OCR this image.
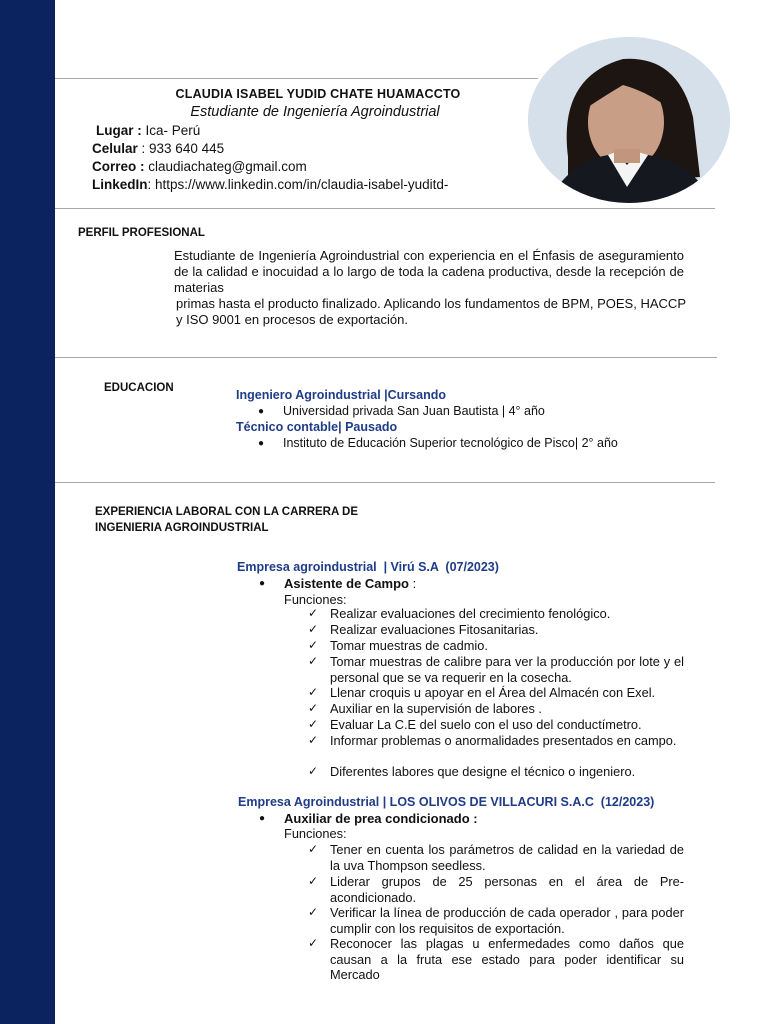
CLAUDIA ISABEL YUDID CHATE HUAMACCTO
Estudiante de Ingeniería Agroindustrial
Lugar : Ica- Perú
Celular : 933 640 445
Correo : claudiachateg@gmail.com
LinkedIn: https://www.linkedin.com/in/claudia-isabel-yuditd-
PERFIL PROFESIONAL
Estudiante de Ingeniería Agroindustrial con experiencia en el Énfasis de aseguramiento de la calidad e inocuidad a lo largo de toda la cadena productiva, desde la recepción de materias
primas hasta el producto finalizado. Aplicando los fundamentos de BPM, POES, HACCP y ISO 9001 en procesos de exportación.
EDUCACION	Ingeniero Agroindustrial |Cursando
● Universidad privada San Juan Bautista | 4° año
Técnico contable| Pausado
● Instituto de Educación Superior tecnológico de Pisco| 2° año
EXPERIENCIA LABORAL CON LA CARRERA DE
INGENIERIA AGROINDUSTRIAL
Empresa agroindustrial  | Virú S.A  (07/2023)
● Asistente de Campo :
Funciones:
✓ Realizar evaluaciones del crecimiento fenológico.
✓ Realizar evaluaciones Fitosanitarias.
✓ Tomar muestras de cadmio.
✓ Tomar muestras de calibre para ver la producción por lote y el personal que se va requerir en la cosecha.
✓ Llenar croquis u apoyar en el Área del Almacén con Exel.
✓ Auxiliar en la supervisión de labores .
✓ Evaluar La C.E del suelo con el uso del conductímetro.
✓ Informar problemas o anormalidades presentados en campo.
✓ Diferentes labores que designe el técnico o ingeniero.
Empresa Agroindustrial | LOS OLIVOS DE VILLACURI S.A.C  (12/2023)
● Auxiliar de prea condicionado :
Funciones:
✓ Tener en cuenta los parámetros de calidad en la variedad de la uva Thompson seedless.
✓ Liderar grupos de 25 personas en el área de Pre-acondicionado.
✓ Verificar la línea de producción de cada operador , para poder cumplir con los requisitos de exportación.
✓ Reconocer las plagas u enfermedades como daños que causan a la fruta ese estado para poder identificar su Mercado
